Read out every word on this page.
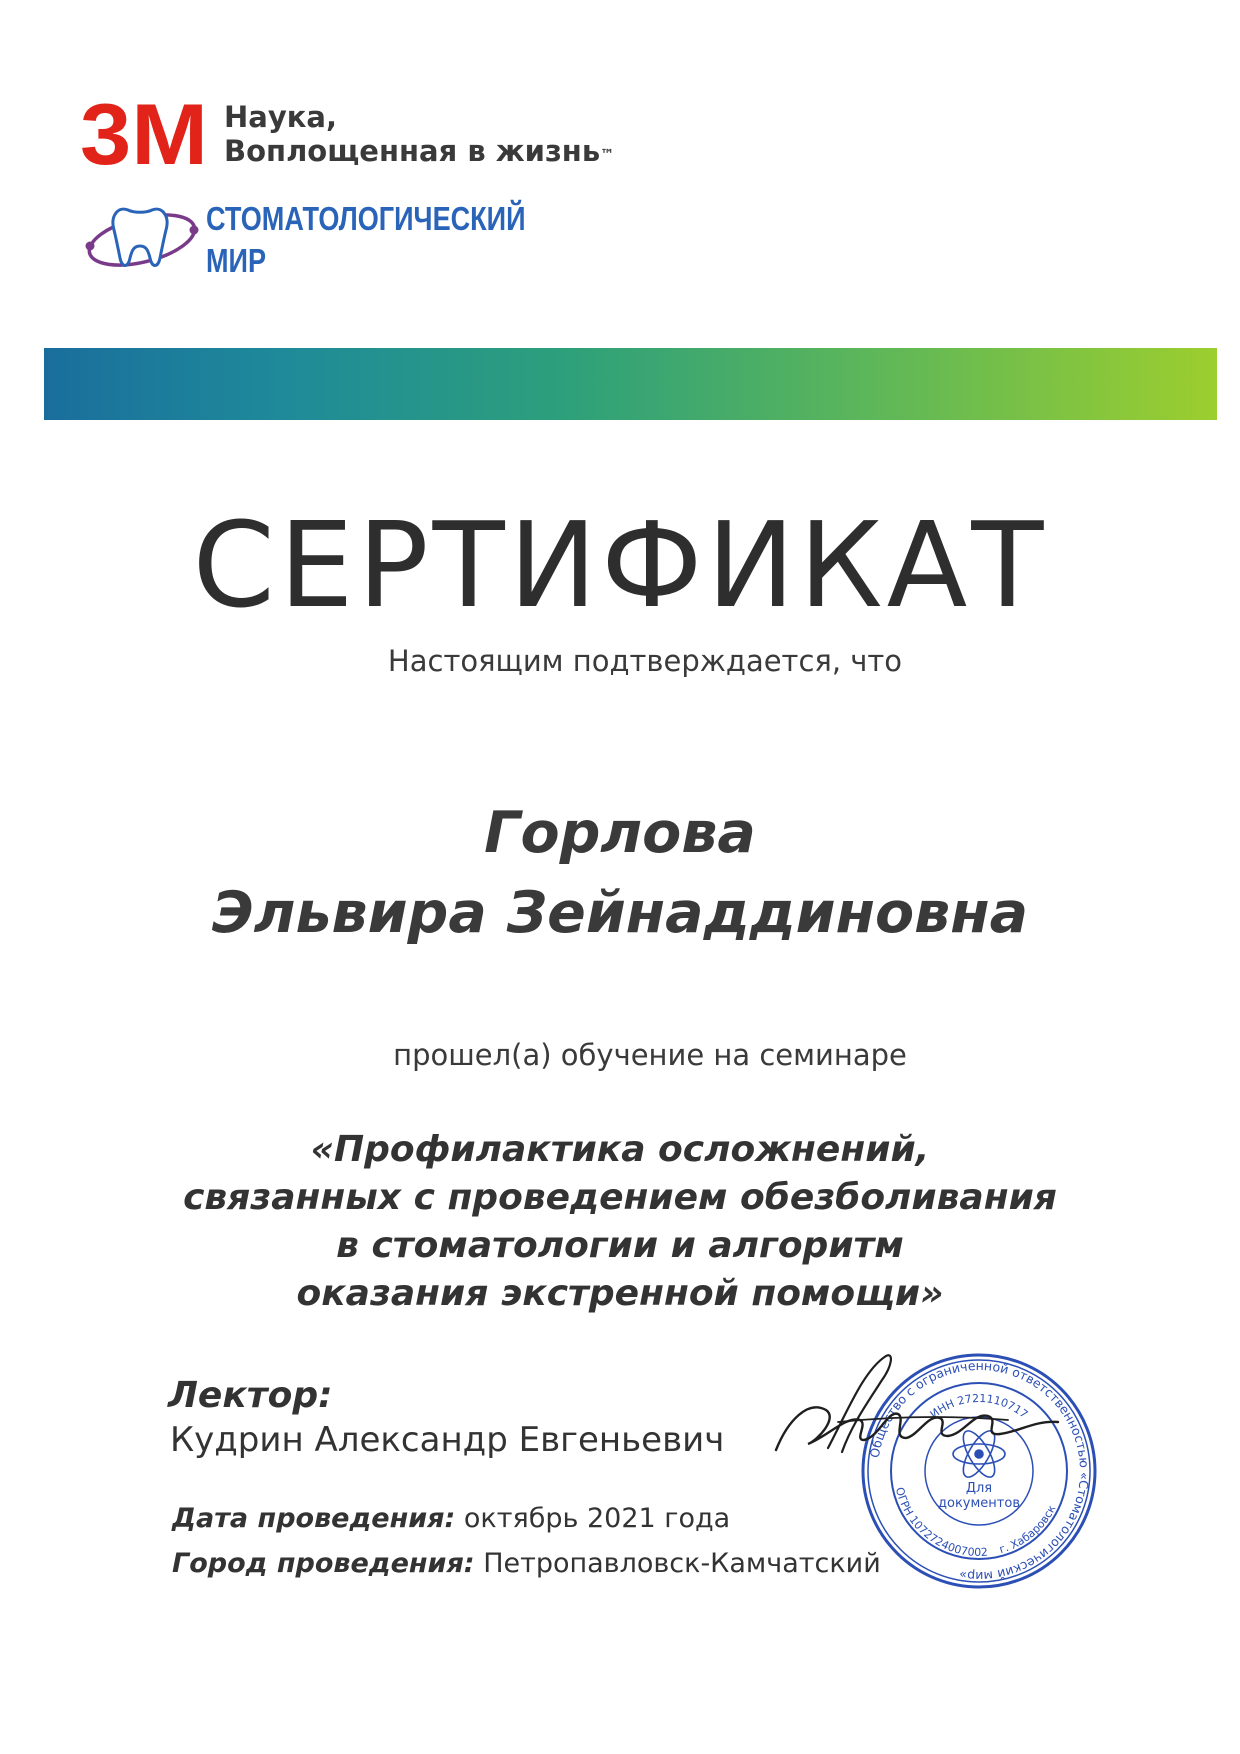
3M Наука,
Воплощенная в жизнь™
СТОМАТОЛОГИЧЕСКИЙ
МИР
СЕРТИФИКАТ
Настоящим подтверждается, что
Горлова
Эльвира Зейнаддиновна
прошел(а) обучение на семинаре
«Профилактика осложнений,
связанных с проведением обезболивания
в стоматологии и алгоритм
оказания экстренной помощи»
Лектор:
Кудрин Александр Евгеньевич
Дата проведения: октябрь 2021 года
Город проведения: Петропавловск-Камчатский
Общество с ограниченной ответственностью «Стоматологический мир»
ИНН 2721110717
ОГРН 1072724007002 г. Хабаровск
Для
документов
